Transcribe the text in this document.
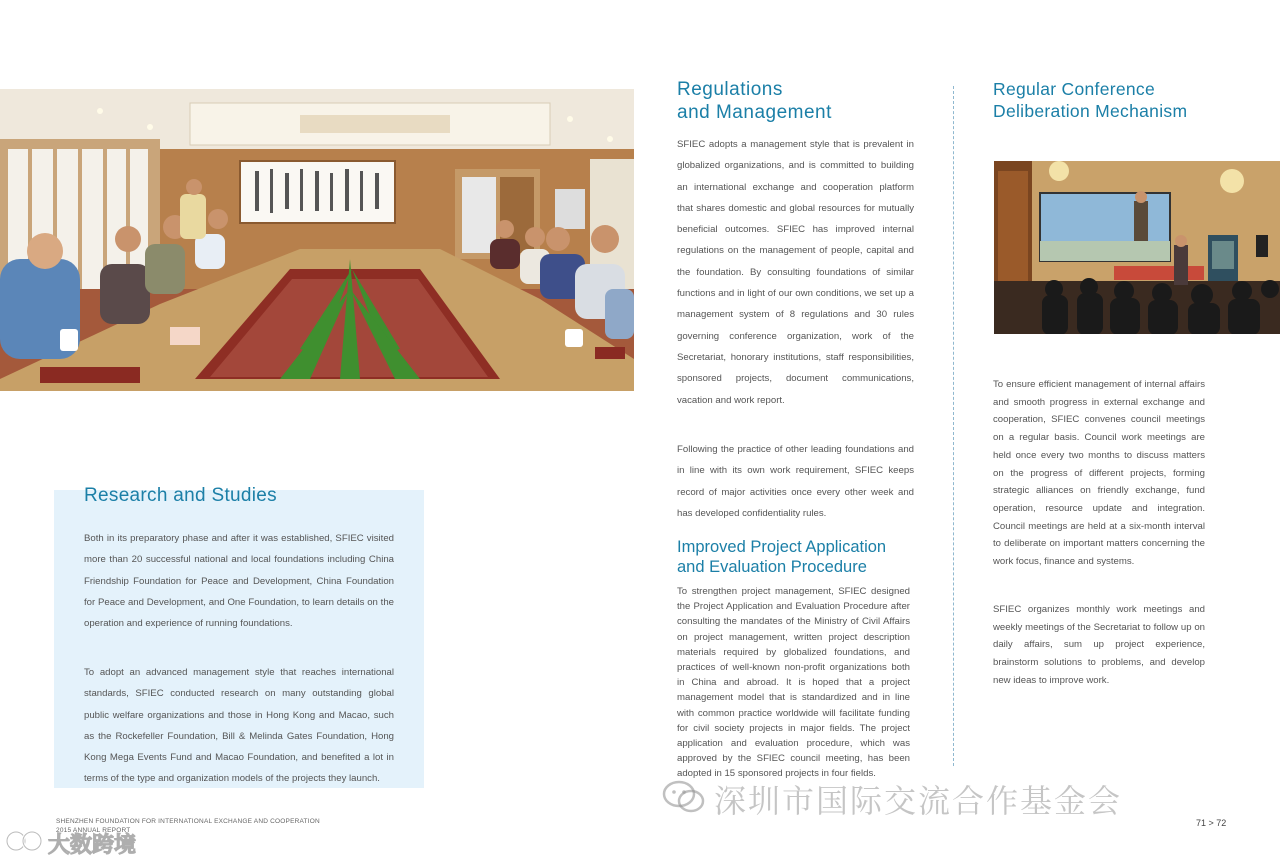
Research and Studies

Both in its preparatory phase and after it was established, SFIEC visited more than 20 successful national and local foundations including China Friendship Foundation for Peace and Development, China Foundation for Peace and Development, and One Foundation, to learn details on the operation and experience of running foundations.

To adopt an advanced management style that reaches international standards, SFIEC conducted research on many outstanding global public welfare organizations and those in Hong Kong and Macao, such as the Rockefeller Foundation, Bill & Melinda Gates Foundation, Hong Kong Mega Events Fund and Macao Foundation, and benefited a lot in terms of the type and organization models of the projects they launch.

Regulations
and Management

SFIEC adopts a management style that is prevalent in globalized organizations, and is committed to building an international exchange and cooperation platform that shares domestic and global resources for mutually beneficial outcomes. SFIEC has improved internal regulations on the management of people, capital and the foundation. By consulting foundations of similar functions and in light of our own conditions, we set up a management system of 8 regulations and 30 rules governing conference organization, work of the Secretariat, honorary institutions, staff responsibilities, sponsored projects, document communications, vacation and work report.

Following the practice of other leading foundations and in line with its own work requirement, SFIEC keeps record of major activities once every other week and has developed confidentiality rules.

Improved Project Application
and Evaluation Procedure

To strengthen project management, SFIEC designed the Project Application and Evaluation Procedure after consulting the mandates of the Ministry of Civil Affairs on project management, written project description materials required by globalized foundations, and practices of well-known non-profit organizations both in China and abroad. It is hoped that a project management model that is standardized and in line with common practice worldwide will facilitate funding for civil society projects in major fields. The project application and evaluation procedure, which was approved by the SFIEC council meeting, has been adopted in 15 sponsored projects in four fields.

Regular Conference
Deliberation Mechanism

To ensure efficient management of internal affairs and smooth progress in external exchange and cooperation, SFIEC convenes council meetings on a regular basis. Council work meetings are held once every two months to discuss matters on the progress of different projects, forming strategic alliances on friendly exchange, fund operation, resource update and integration. Council meetings are held at a six-month interval to deliberate on important matters concerning the work focus, finance and systems.

SFIEC organizes monthly work meetings and weekly meetings of the Secretariat to follow up on daily affairs, sum up project experience, brainstorm solutions to problems, and develop new ideas to improve work.

SHENZHEN FOUNDATION FOR INTERNATIONAL EXCHANGE AND COOPERATION
2015 ANNUAL REPORT
71 > 72
深圳市国际交流合作基金会
大数跨境
